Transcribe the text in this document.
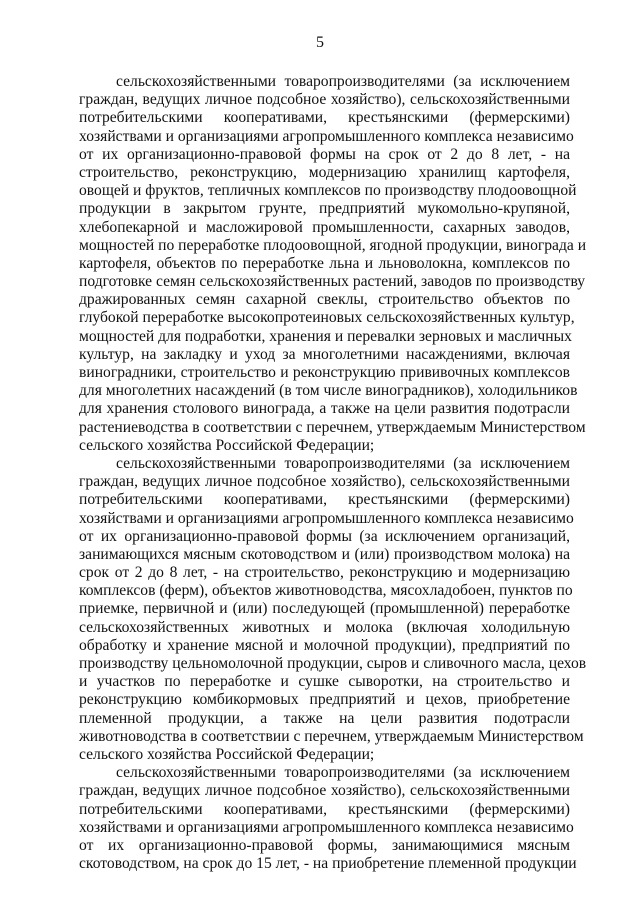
5
сельскохозяйственными товаропроизводителями (за исключением
граждан, ведущих личное подсобное хозяйство), сельскохозяйственными
потребительскими кооперативами, крестьянскими (фермерскими)
хозяйствами и организациями агропромышленного комплекса независимо
от их организационно-правовой формы на срок от 2 до 8 лет, - на
строительство, реконструкцию, модернизацию хранилищ картофеля,
овощей и фруктов, тепличных комплексов по производству плодоовощной
продукции в закрытом грунте, предприятий мукомольно-крупяной,
хлебопекарной и масложировой промышленности, сахарных заводов,
мощностей по переработке плодоовощной, ягодной продукции, винограда и
картофеля, объектов по переработке льна и льноволокна, комплексов по
подготовке семян сельскохозяйственных растений, заводов по производству
дражированных семян сахарной свеклы, строительство объектов по
глубокой переработке высокопротеиновых сельскохозяйственных культур,
мощностей для подработки, хранения и перевалки зерновых и масличных
культур, на закладку и уход за многолетними насаждениями, включая
виноградники, строительство и реконструкцию прививочных комплексов
для многолетних насаждений (в том числе виноградников), холодильников
для хранения столового винограда, а также на цели развития подотрасли
растениеводства в соответствии с перечнем, утверждаемым Министерством
сельского хозяйства Российской Федерации;
сельскохозяйственными товаропроизводителями (за исключением
граждан, ведущих личное подсобное хозяйство), сельскохозяйственными
потребительскими кооперативами, крестьянскими (фермерскими)
хозяйствами и организациями агропромышленного комплекса независимо
от их организационно-правовой формы (за исключением организаций,
занимающихся мясным скотоводством и (или) производством молока) на
срок от 2 до 8 лет, - на строительство, реконструкцию и модернизацию
комплексов (ферм), объектов животноводства, мясохладобоен, пунктов по
приемке, первичной и (или) последующей (промышленной) переработке
сельскохозяйственных животных и молока (включая холодильную
обработку и хранение мясной и молочной продукции), предприятий по
производству цельномолочной продукции, сыров и сливочного масла, цехов
и участков по переработке и сушке сыворотки, на строительство и
реконструкцию комбикормовых предприятий и цехов, приобретение
племенной продукции, а также на цели развития подотрасли
животноводства в соответствии с перечнем, утверждаемым Министерством
сельского хозяйства Российской Федерации;
сельскохозяйственными товаропроизводителями (за исключением
граждан, ведущих личное подсобное хозяйство), сельскохозяйственными
потребительскими кооперативами, крестьянскими (фермерскими)
хозяйствами и организациями агропромышленного комплекса независимо
от их организационно-правовой формы, занимающимися мясным
скотоводством, на срок до 15 лет, - на приобретение племенной продукции
